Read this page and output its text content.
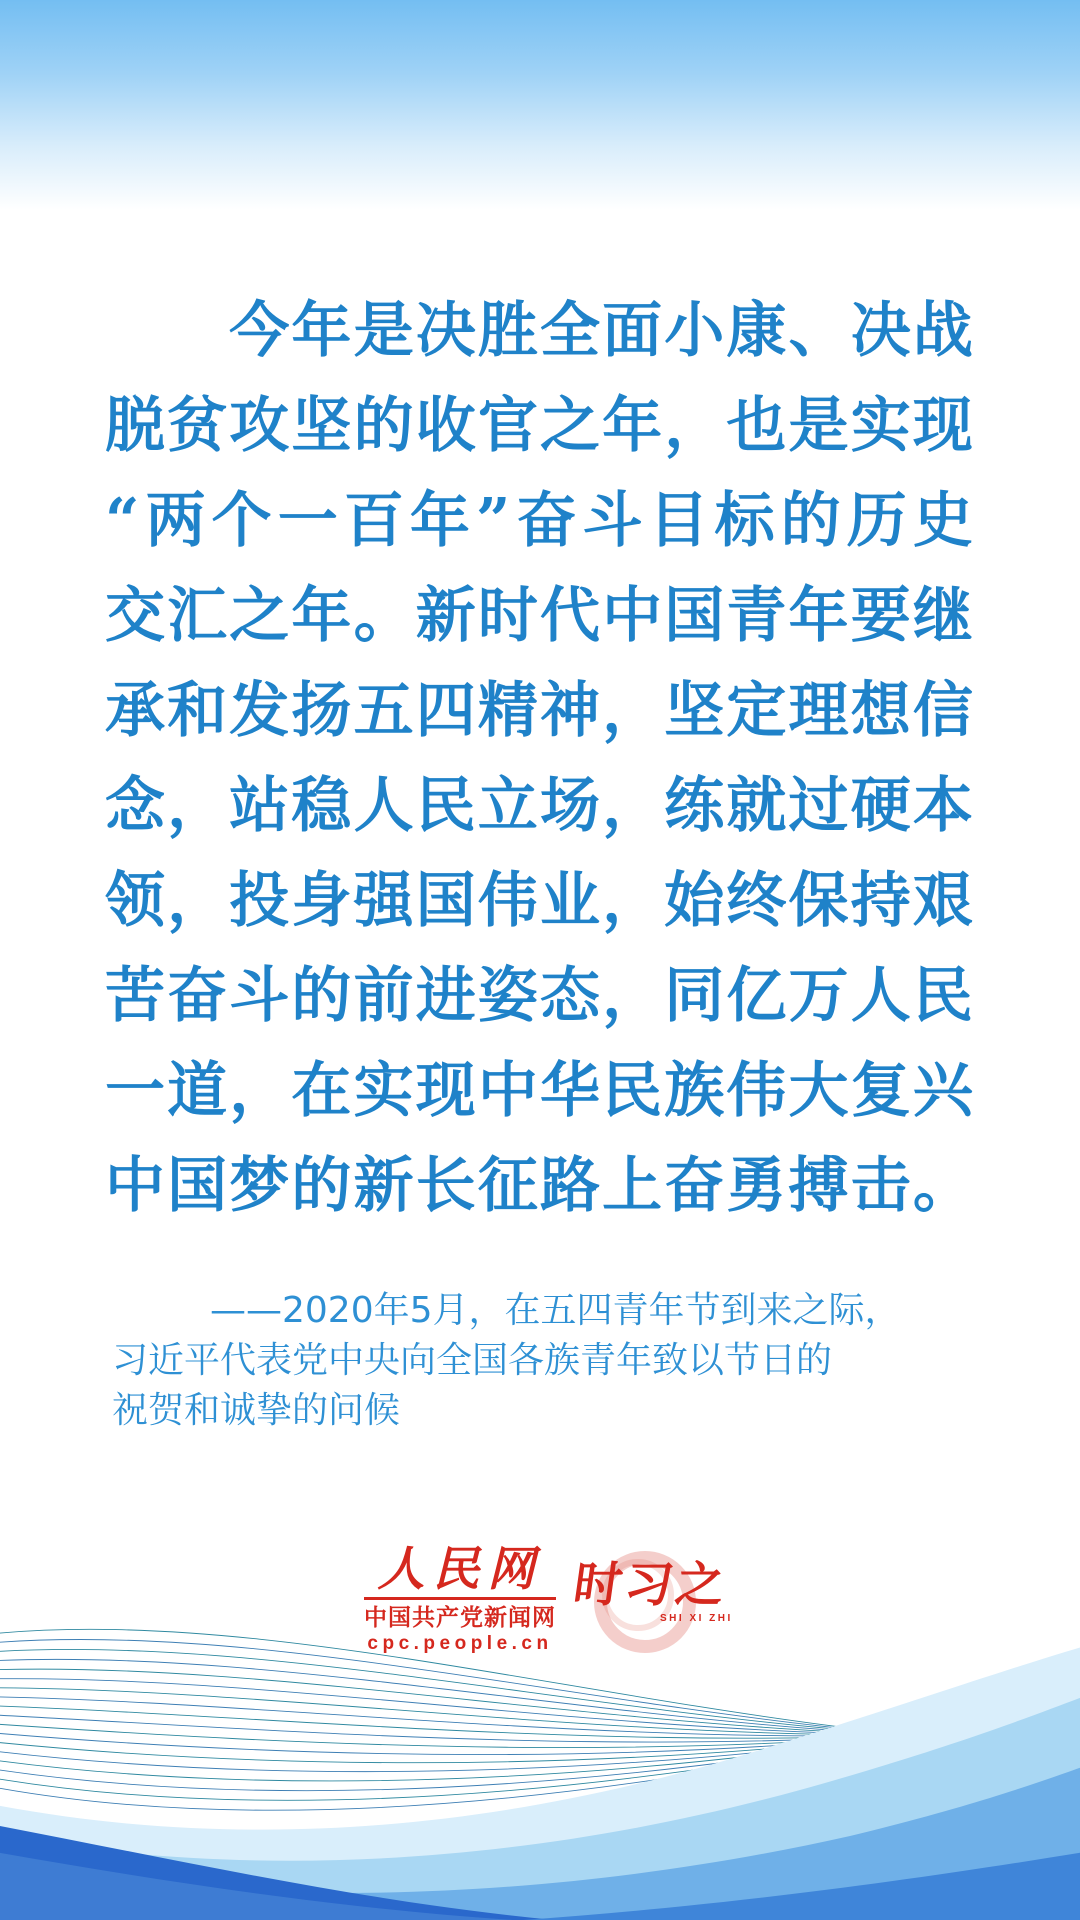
今 年 是 决 胜 全 面 小 康 、 决 战
脱 贫 攻 坚 的 收 官 之 年 ， 也 是 实 现
“ 两 个 一 百 年 ” 奋 斗 目 标 的 历 史
交 汇 之 年 。 新 时 代 中 国 青 年 要 继
承 和 发 扬 五 四 精 神 ， 坚 定 理 想 信
念 ， 站 稳 人 民 立 场 ， 练 就 过 硬 本
领 ， 投 身 强 国 伟 业 ， 始 终 保 持 艰
苦 奋 斗 的 前 进 姿 态 ， 同 亿 万 人 民
一 道 ， 在 实 现 中 华 民 族 伟 大 复 兴
中 国 梦 的 新 长 征 路 上 奋 勇 搏 击 。
——2020年5月，在五四青年节到来之际，
习近平代表党中央向全国各族青年致以节日的
祝贺和诚挚的问候
人民网
中国共产党新闻网
cpc.people.cn
时习之
SHI XI ZHI
